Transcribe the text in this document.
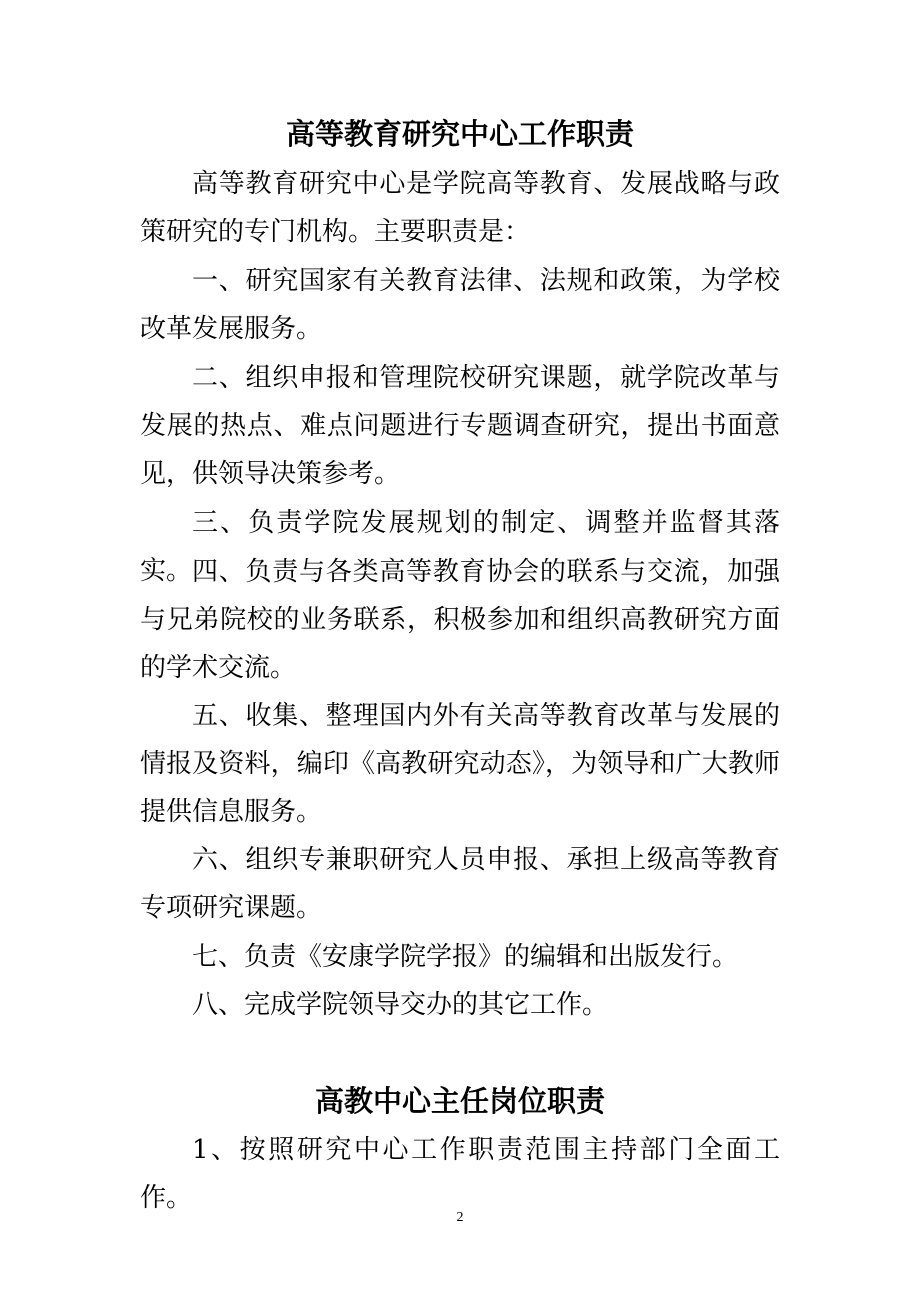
高等教育研究中心工作职责

高等教育研究中心是学院高等教育、发展战略与政策研究的专门机构。主要职责是：

一、研究国家有关教育法律、法规和政策，为学校改革发展服务。

二、组织申报和管理院校研究课题，就学院改革与发展的热点、难点问题进行专题调查研究，提出书面意见，供领导决策参考。

三、负责学院发展规划的制定、调整并监督其落实。 四、负责与各类高等教育协会的联系与交流，加强与兄弟院校的业务联系，积极参加和组织高教研究方面的学术交流。

五、收集、整理国内外有关高等教育改革与发展的情报及资料，编印《高教研究动态》，为领导和广大教师提供信息服务。

六、组织专兼职研究人员申报、承担上级高等教育专项研究课题。

七、负责《安康学院学报》的编辑和出版发行。

八、完成学院领导交办的其它工作。

高教中心主任岗位职责

1、按照研究中心工作职责范围主持部门全面工作。

2
